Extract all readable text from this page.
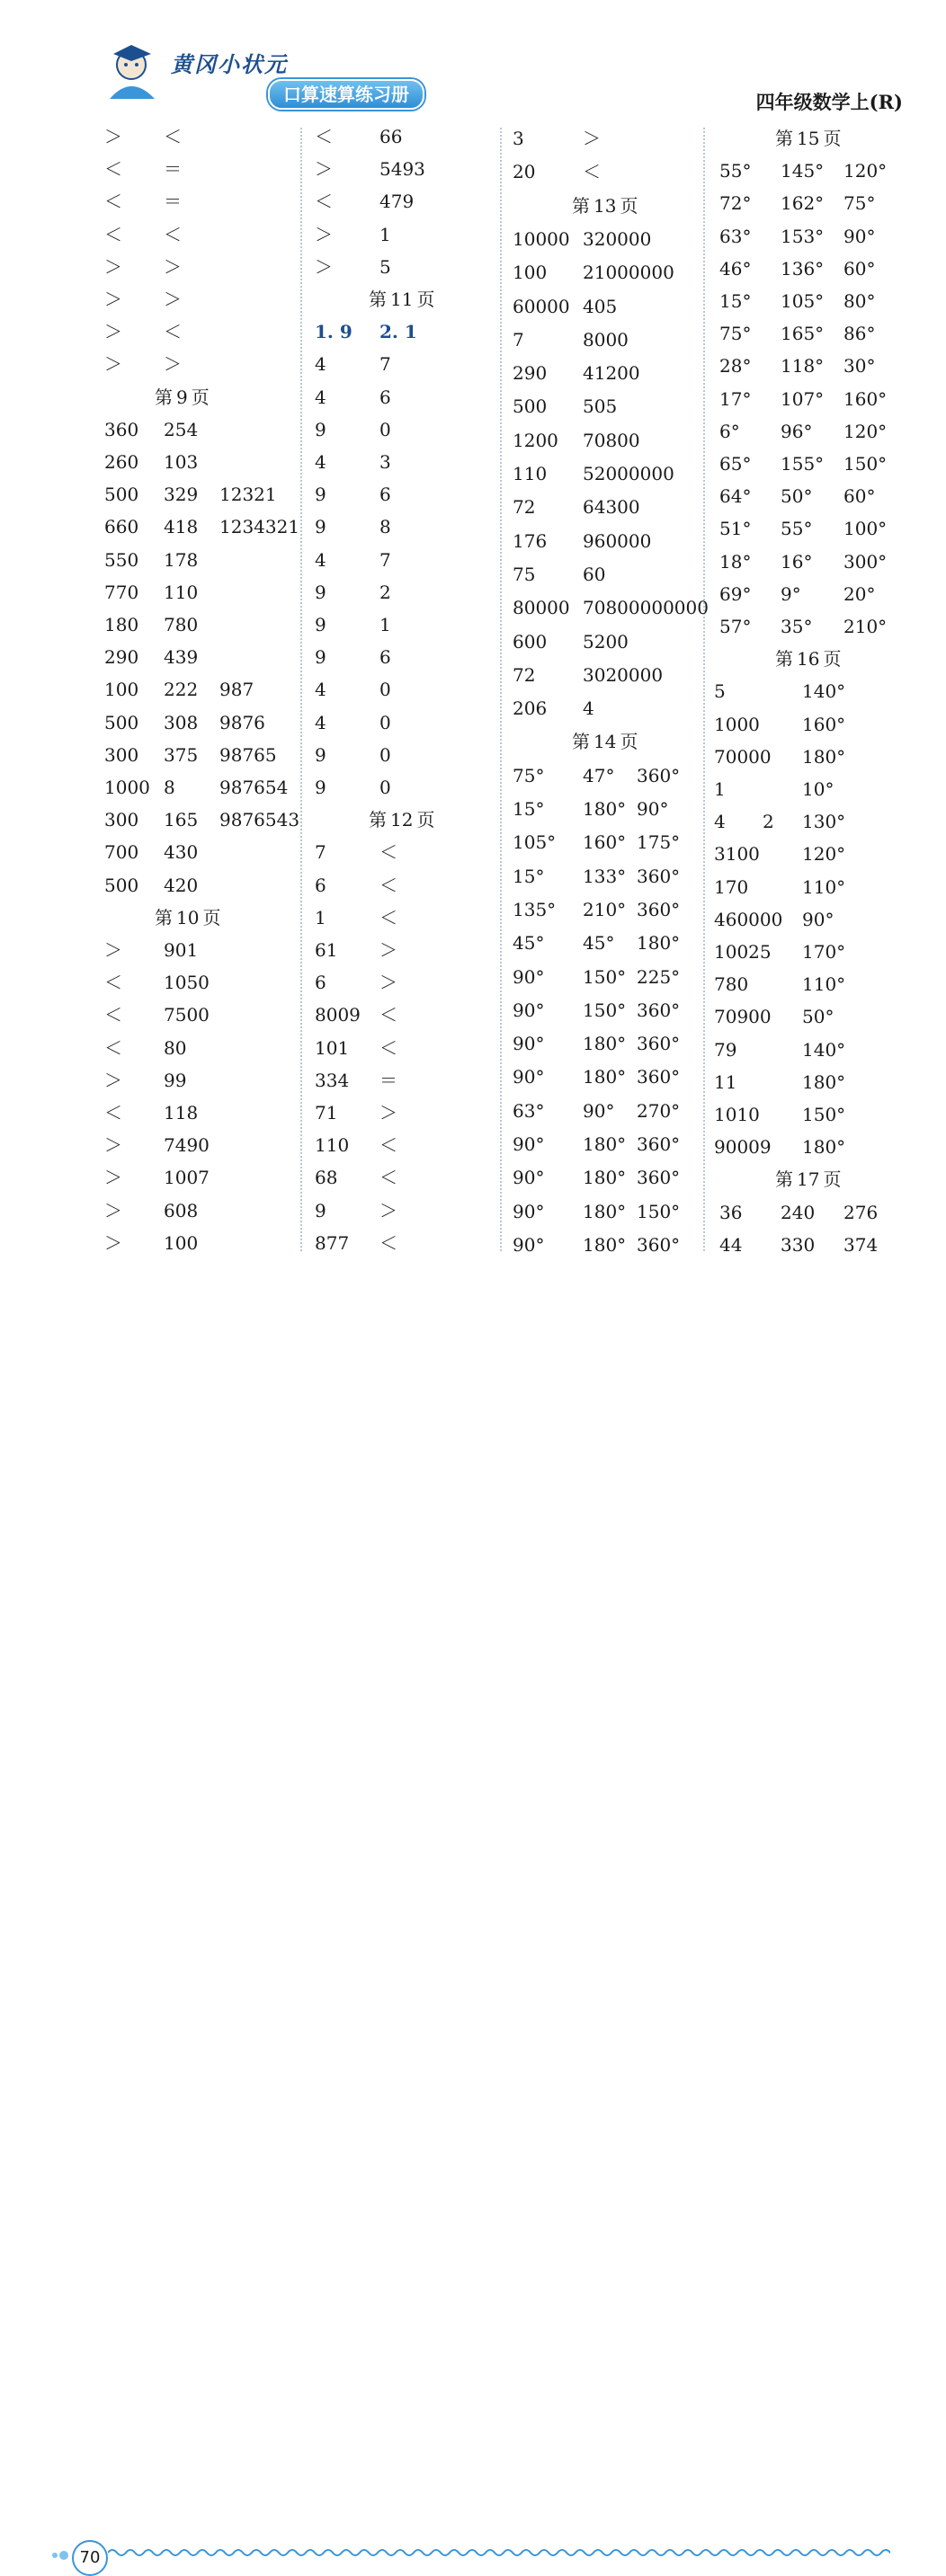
黄冈小状元
口算速算练习册	四年级数学上(R)
＞ ＜
＜ ＝
＜ ＝
＜ ＜
＞ ＞
＞ ＞
＞ ＜
＞ ＞
第 9 页
360 254
260 103
500 329 12321
660 418 1234321
550 178
770 110
180 780
290 439
100 222 987
500 308 9876
300 375 98765
1000 8 987654
300 165 9876543
700 430
500 420
第 10 页
＞ 901
＜ 1050
＜ 7500
＜ 80
＞ 99
＜ 118
＞ 7490
＞ 1007
＞ 608
＞ 100
＜	66
＞	5493
＜	479
＞	1
＞	5
第 11 页
1. 9 2. 1
4	7
4	6
9	0
4	3
9	6
9	8
4	7
9	2
9	1
9	6
4	0
4	0
9	0
9	0
第 12 页
7	＜
6	＜
1	＜
61 ＞
6	＞
8009 ＜
101 ＜
334 ＝
71 ＞
110 ＜
68 ＜
9	＞
877 ＜
3	＞
20	＜
第 13 页
10000 320000
100 21000000
60000 405
7	8000
290 41200
500 505
1200 70800
110 52000000
72	64300
176 960000
75	60
80000 70800000000
600 5200
72	3020000
206 4
第 14 页
75° 47° 360°
15° 180° 90°
105° 160° 175°
15° 133° 360°
135° 210° 360°
45° 45° 180°
90° 150° 225°
90° 150° 360°
90° 180° 360°
90° 180° 360°
63° 90° 270°
90° 180° 360°
90° 180° 360°
90° 180° 150°
90° 180° 360°
第 15 页
55° 145° 120°
72° 162° 75°
63° 153° 90°
46° 136° 60°
15° 105° 80°
75° 165° 86°
28° 118° 30°
17° 107° 160°
6° 96° 120°
65° 155° 150°
64° 50° 60°
51° 55° 100°
18° 16° 300°
69° 9° 20°
57° 35° 210°
第 16 页
5	140°
1000 160°
70000 180°
1	10°
4 2 130°
3100 120°
170	110°
460000 90°
10025 170°
780	110°
70900 50°
79	140°
11	180°
1010 150°
90009 180°
第 17 页
36 240 276
44 330 374
70
